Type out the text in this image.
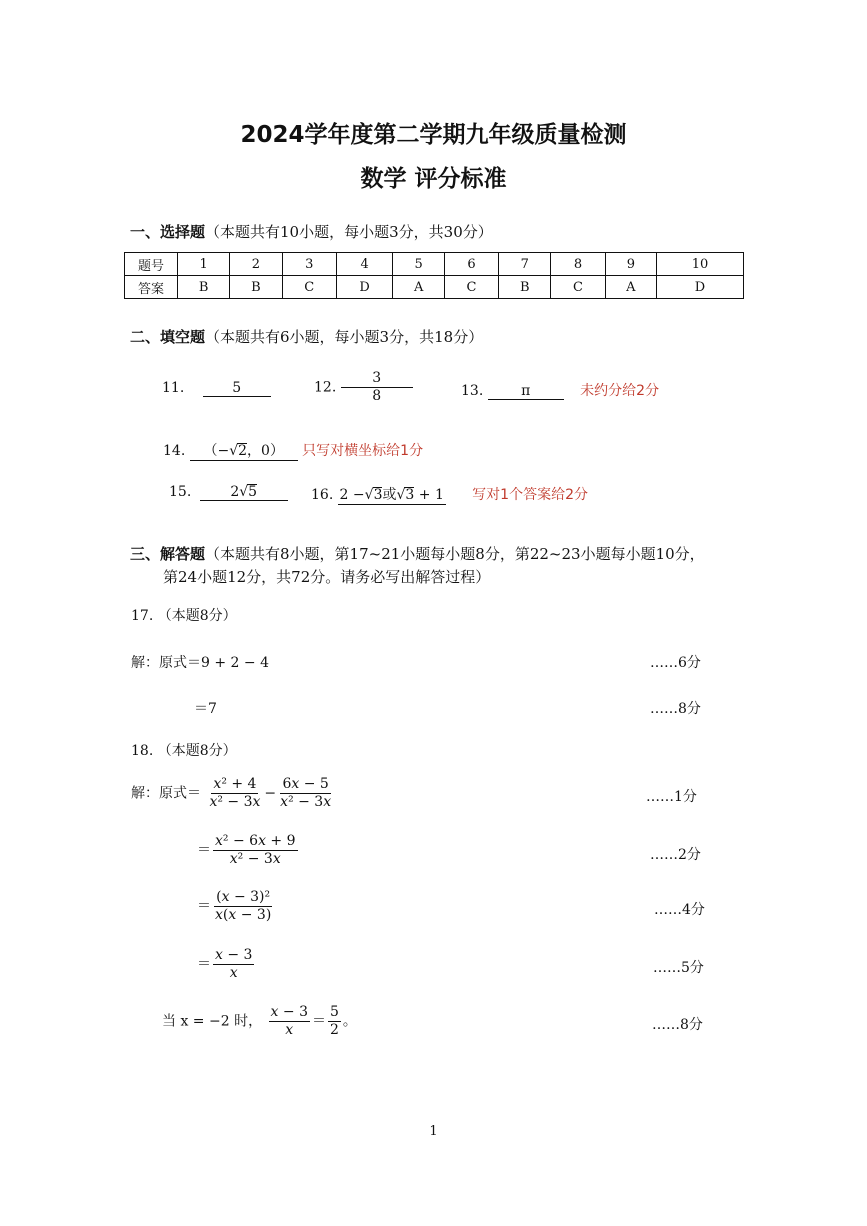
2024学年度第二学期九年级质量检测
数学 评分标准
一、选择题（本题共有10小题，每小题3分，共30分）
题号	1	2	3	4	5	6	7	8	9	10
答案	B	B	C	D	A	C	B	C	A	D
二、填空题（本题共有6小题，每小题3分，共18分）
11.	5	12. $\frac{3}{8}$	13.	π	未约分给2分
14. （−√2，0） 只写对横坐标给1分
15.	2√5	16. 2 −√3或√3 + 1 写对1个答案给2分
三、解答题（本题共有8小题，第17~21小题每小题8分，第22~23小题每小题10分，
第24小题12分，共72分。请务必写出解答过程）
17. （本题8分）
解：原式＝9 + 2 − 4	……6分
＝7	……8分
18. （本题8分）
解：原式＝ $\frac{\text{x² + 4}}{\text{x² − 3x}} - \frac{6x - 5}{\text{x² − 3x}}$	……1分
＝ $\frac{\text{x² − 6x + 9}}{\text{x² − 3x}}$	……2分
＝ $\frac{\text{(x − 3)²}}{x(x - 3)}$	……4分
＝ $\frac{x - 3}{x}$	……5分
当 x = −2 时， $\frac{x - 3}{x} = \frac{5}{2}$ 。	……8分
1
